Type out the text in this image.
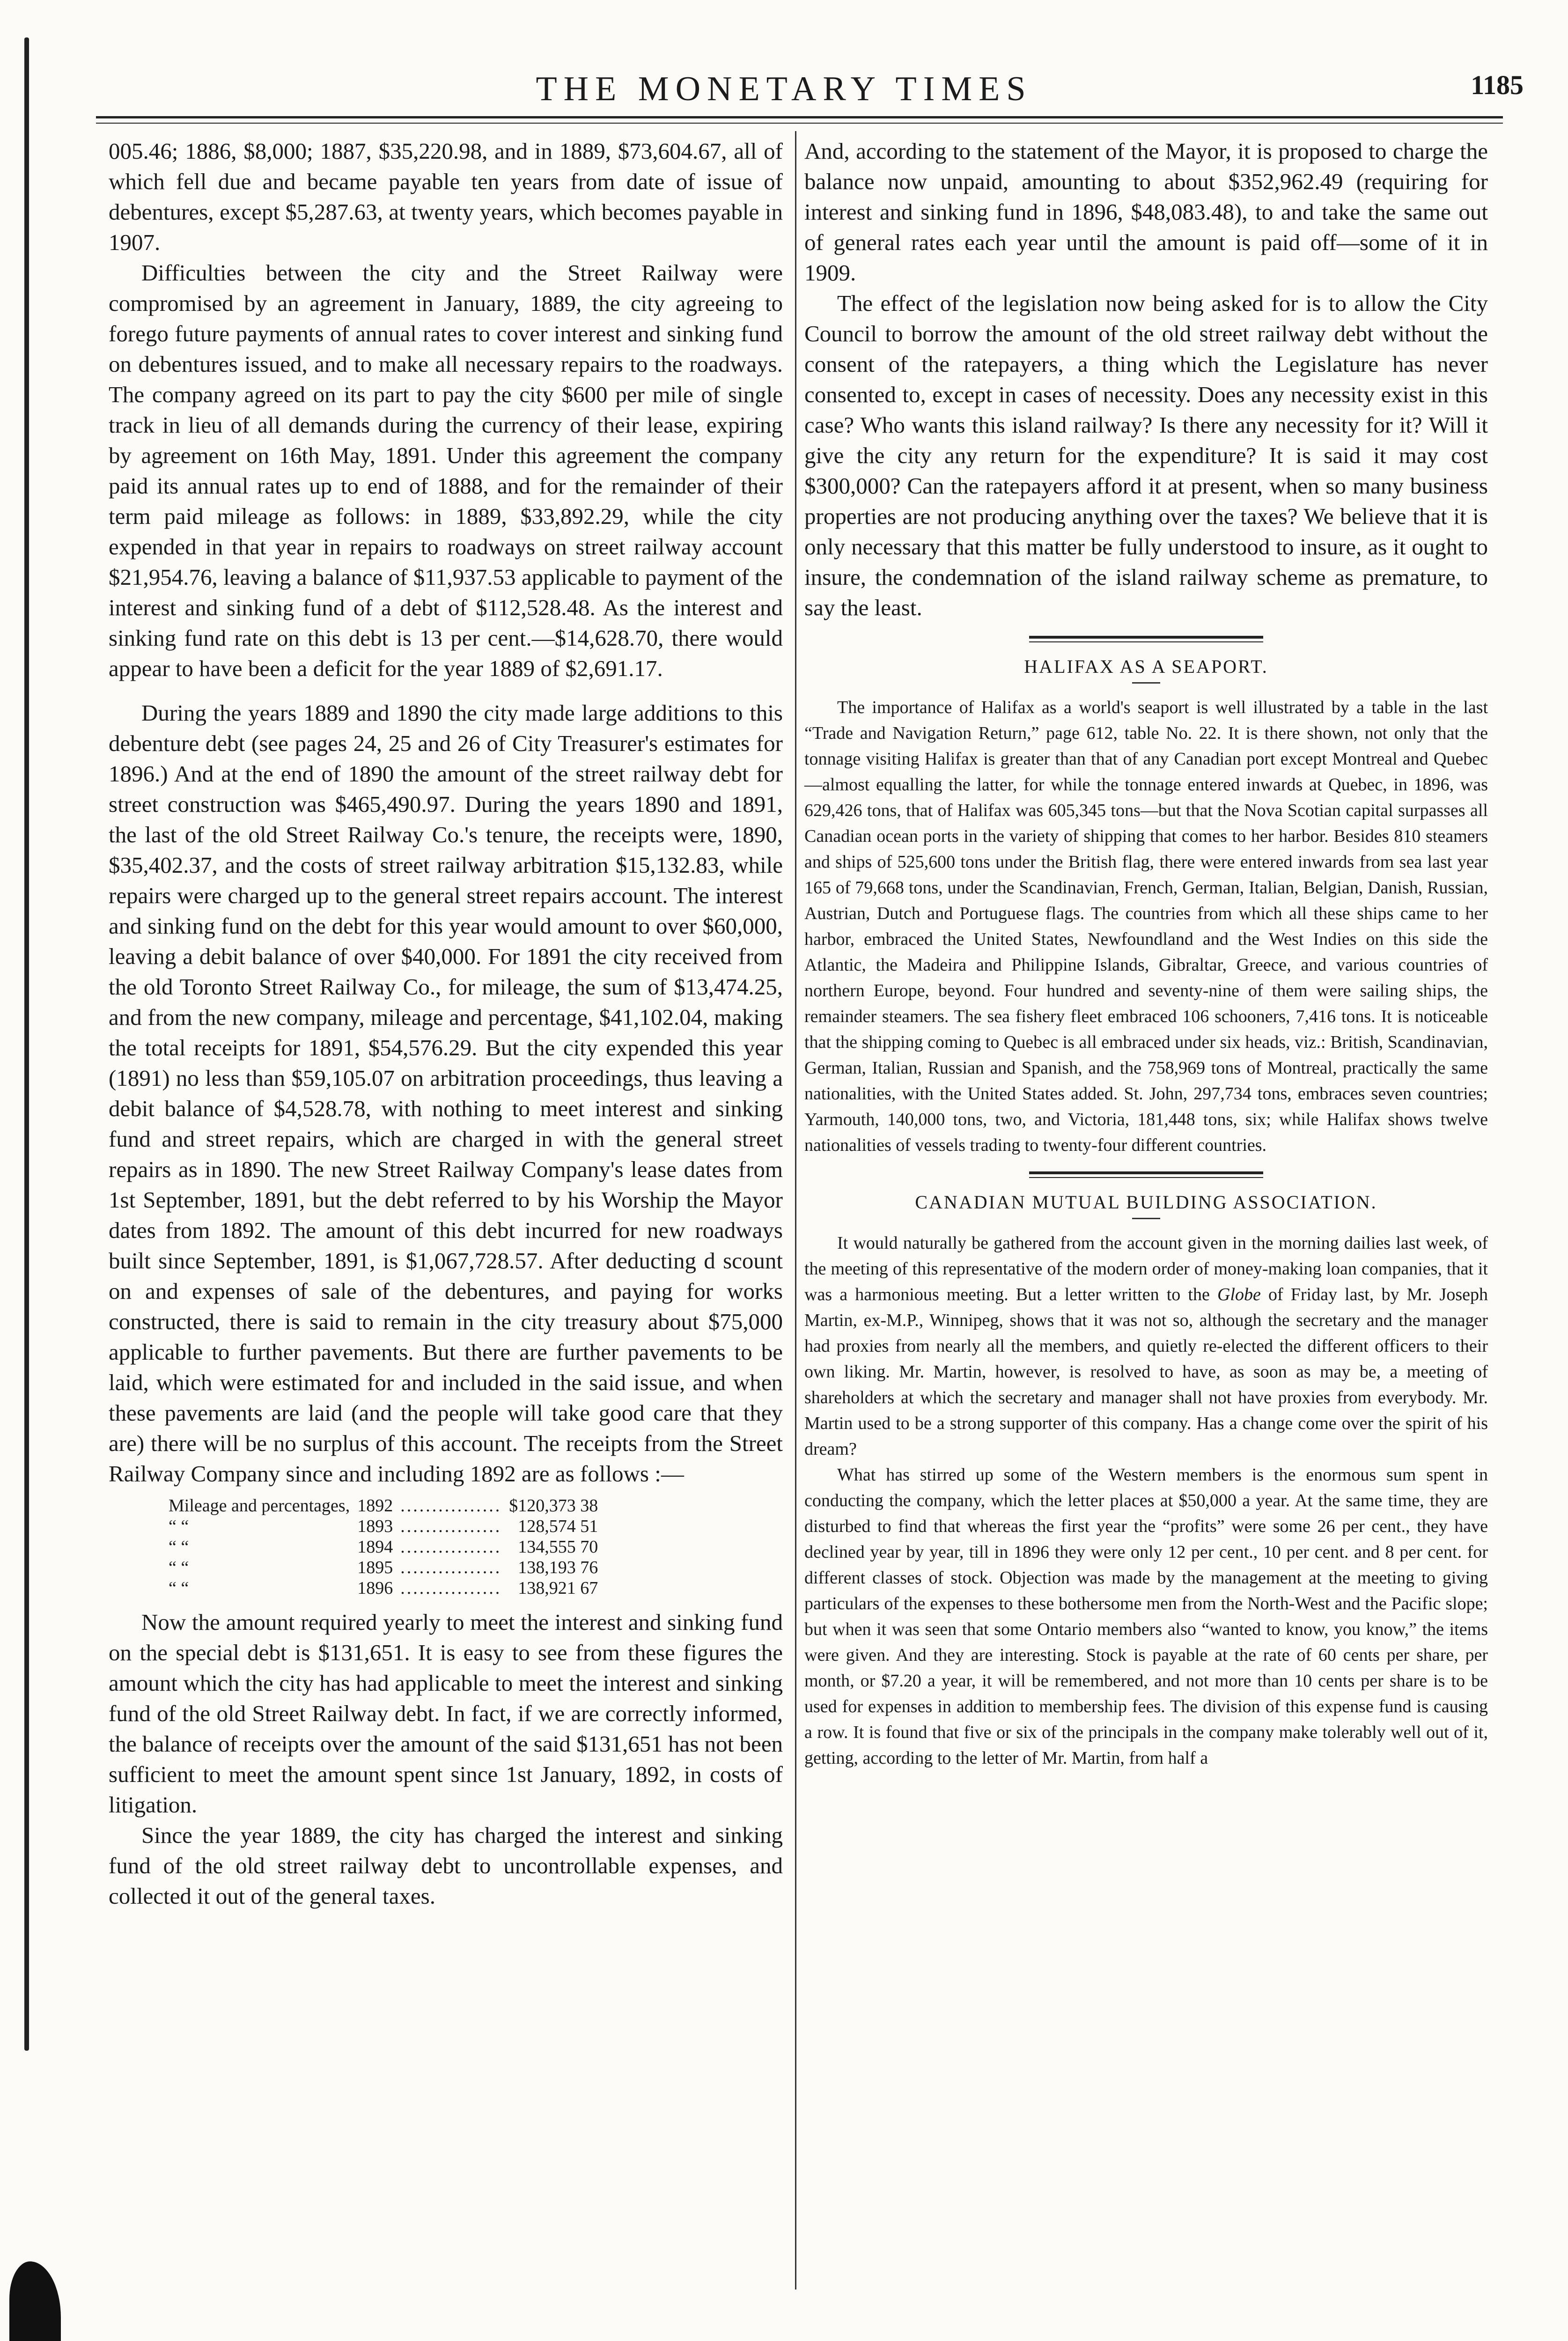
THE MONETARY TIMES	1185

005.46; 1886, $8,000; 1887, $35,220.98, and in 1889, $73,604.67, all of which fell due and became payable ten years from date of issue of debentures, except $5,287.63, at twenty years, which becomes payable in 1907.

Difficulties between the city and the Street Railway were compromised by an agreement in January, 1889, the city agreeing to forego future payments of annual rates to cover interest and sinking fund on debentures issued, and to make all necessary repairs to the roadways. The company agreed on its part to pay the city $600 per mile of single track in lieu of all demands during the currency of their lease, expiring by agreement on 16th May, 1891. Under this agreement the company paid its annual rates up to end of 1888, and for the remainder of their term paid mileage as follows: in 1889, $33,892.29, while the city expended in that year in repairs to roadways on street railway account $21,954.76, leaving a balance of $11,937.53 applicable to payment of the interest and sinking fund of a debt of $112,528.48. As the interest and sinking fund rate on this debt is 13 per cent.—$14,628.70, there would appear to have been a deficit for the year 1889 of $2,691.17.

During the years 1889 and 1890 the city made large additions to this debenture debt (see pages 24, 25 and 26 of City Treasurer's estimates for 1896.) And at the end of 1890 the amount of the street railway debt for street construction was $465,490.97. During the years 1890 and 1891, the last of the old Street Railway Co.'s tenure, the receipts were, 1890, $35,402.37, and the costs of street railway arbitration $15,132.83, while repairs were charged up to the general street repairs account. The interest and sinking fund on the debt for this year would amount to over $60,000, leaving a debit balance of over $40,000. For 1891 the city received from the old Toronto Street Railway Co., for mileage, the sum of $13,474.25, and from the new company, mileage and percentage, $41,102.04, making the total receipts for 1891, $54,576.29. But the city expended this year (1891) no less than $59,105.07 on arbitration proceedings, thus leaving a debit balance of $4,528.78, with nothing to meet interest and sinking fund and street repairs, which are charged in with the general street repairs as in 1890. The new Street Railway Company's lease dates from 1st September, 1891, but the debt referred to by his Worship the Mayor dates from 1892. The amount of this debt incurred for new roadways built since September, 1891, is $1,067,728.57. After deducting d scount on and expenses of sale of the debentures, and paying for works constructed, there is said to remain in the city treasury about $75,000 applicable to further pavements. But there are further pavements to be laid, which were estimated for and included in the said issue, and when these pavements are laid (and the people will take good care that they are) there will be no surplus of this account. The receipts from the Street Railway Company since and including 1892 are as follows :—

Mileage and percentages,	1892	................	$120,373 38
“ “	1893	................	128,574 51
“ “	1894	................	134,555 70
“ “	1895	................	138,193 76
“ “	1896	................	138,921 67

Now the amount required yearly to meet the interest and sinking fund on the special debt is $131,651. It is easy to see from these figures the amount which the city has had applicable to meet the interest and sinking fund of the old Street Railway debt. In fact, if we are correctly informed, the balance of receipts over the amount of the said $131,651 has not been sufficient to meet the amount spent since 1st January, 1892, in costs of litigation.

Since the year 1889, the city has charged the interest and sinking fund of the old street railway debt to uncontrollable expenses, and collected it out of the general taxes.

And, according to the statement of the Mayor, it is proposed to charge the balance now unpaid, amounting to about $352,962.49 (requiring for interest and sinking fund in 1896, $48,083.48), to and take the same out of general rates each year until the amount is paid off—some of it in 1909.

The effect of the legislation now being asked for is to allow the City Council to borrow the amount of the old street railway debt without the consent of the ratepayers, a thing which the Legislature has never consented to, except in cases of necessity. Does any necessity exist in this case? Who wants this island railway? Is there any necessity for it? Will it give the city any return for the expenditure? It is said it may cost $300,000? Can the ratepayers afford it at present, when so many business properties are not producing anything over the taxes? We believe that it is only necessary that this matter be fully understood to insure, as it ought to insure, the condemnation of the island railway scheme as premature, to say the least.

HALIFAX AS A SEAPORT.

The importance of Halifax as a world's seaport is well illustrated by a table in the last “Trade and Navigation Return,” page 612, table No. 22. It is there shown, not only that the tonnage visiting Halifax is greater than that of any Canadian port except Montreal and Quebec—almost equalling the latter, for while the tonnage entered inwards at Quebec, in 1896, was 629,426 tons, that of Halifax was 605,345 tons—but that the Nova Scotian capital surpasses all Canadian ocean ports in the variety of shipping that comes to her harbor. Besides 810 steamers and ships of 525,600 tons under the British flag, there were entered inwards from sea last year 165 of 79,668 tons, under the Scandinavian, French, German, Italian, Belgian, Danish, Russian, Austrian, Dutch and Portuguese flags. The countries from which all these ships came to her harbor, embraced the United States, Newfoundland and the West Indies on this side the Atlantic, the Madeira and Philippine Islands, Gibraltar, Greece, and various countries of northern Europe, beyond. Four hundred and seventy-nine of them were sailing ships, the remainder steamers. The sea fishery fleet embraced 106 schooners, 7,416 tons. It is noticeable that the shipping coming to Quebec is all embraced under six heads, viz.: British, Scandinavian, German, Italian, Russian and Spanish, and the 758,969 tons of Montreal, practically the same nationalities, with the United States added. St. John, 297,734 tons, embraces seven countries; Yarmouth, 140,000 tons, two, and Victoria, 181,448 tons, six; while Halifax shows twelve nationalities of vessels trading to twenty-four different countries.

CANADIAN MUTUAL BUILDING ASSOCIATION.

It would naturally be gathered from the account given in the morning dailies last week, of the meeting of this representative of the modern order of money-making loan companies, that it was a harmonious meeting. But a letter written to the Globe of Friday last, by Mr. Joseph Martin, ex-M.P., Winnipeg, shows that it was not so, although the secretary and the manager had proxies from nearly all the members, and quietly re-elected the different officers to their own liking. Mr. Martin, however, is resolved to have, as soon as may be, a meeting of shareholders at which the secretary and manager shall not have proxies from everybody. Mr. Martin used to be a strong supporter of this company. Has a change come over the spirit of his dream?

What has stirred up some of the Western members is the enormous sum spent in conducting the company, which the letter places at $50,000 a year. At the same time, they are disturbed to find that whereas the first year the “profits” were some 26 per cent., they have declined year by year, till in 1896 they were only 12 per cent., 10 per cent. and 8 per cent. for different classes of stock. Objection was made by the management at the meeting to giving particulars of the expenses to these bothersome men from the North-West and the Pacific slope; but when it was seen that some Ontario members also “wanted to know, you know,” the items were given. And they are interesting. Stock is payable at the rate of 60 cents per share, per month, or $7.20 a year, it will be remembered, and not more than 10 cents per share is to be used for expenses in addition to membership fees. The division of this expense fund is causing a row. It is found that five or six of the principals in the company make tolerably well out of it, getting, according to the letter of Mr. Martin, from half a
